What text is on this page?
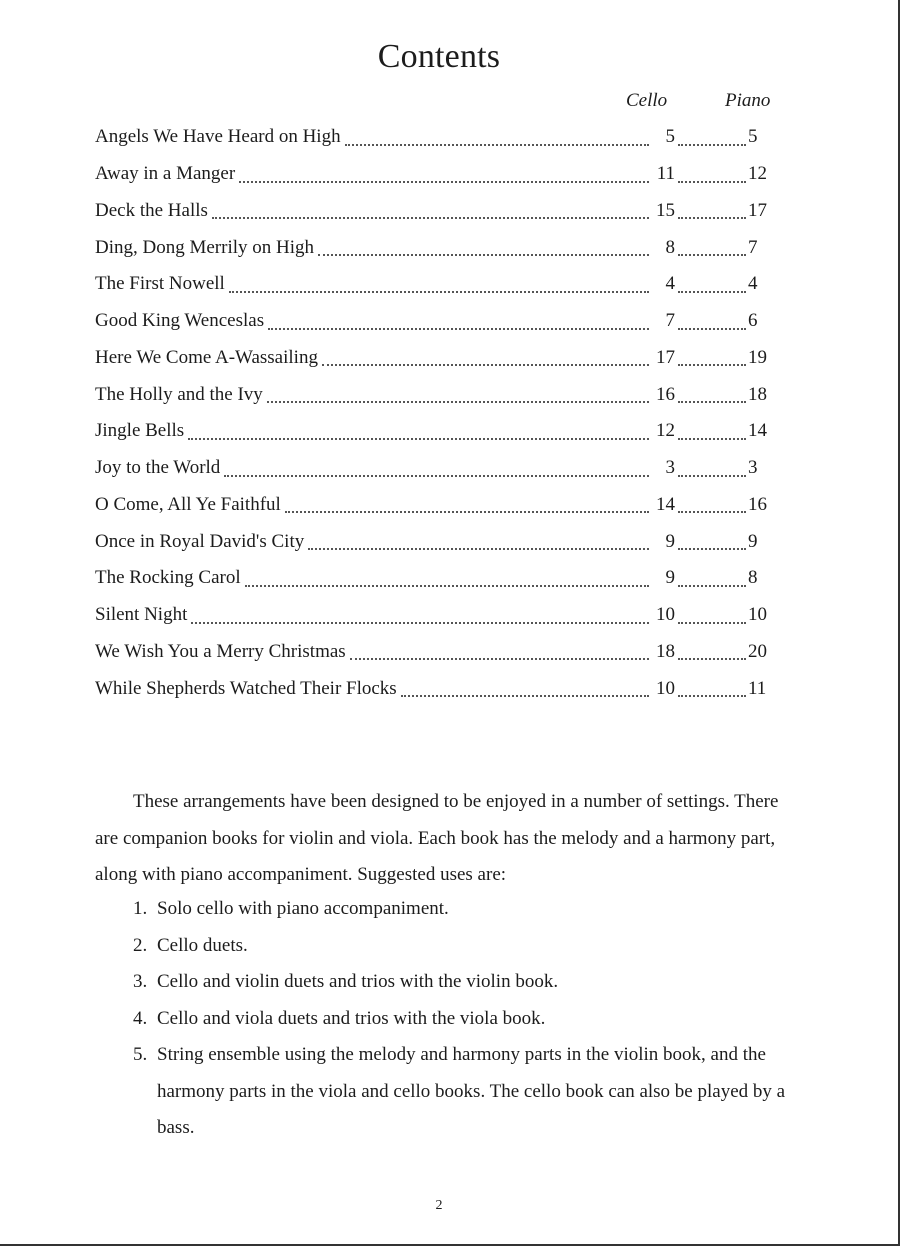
Contents
Cello	Piano
Angels We Have Heard on High	5	5
Away in a Manger	11	12
Deck the Halls	15	17
Ding, Dong Merrily on High	8	7
The First Nowell	4	4
Good King Wenceslas	7	6
Here We Come A-Wassailing	17	19
The Holly and the Ivy	16	18
Jingle Bells	12	14
Joy to the World	3	3
O Come, All Ye Faithful	14	16
Once in Royal David's City	9	9
The Rocking Carol	9	8
Silent Night	10	10
We Wish You a Merry Christmas	18	20
While Shepherds Watched Their Flocks	10	11

These arrangements have been designed to be enjoyed in a number of settings. There are companion books for violin and viola. Each book has the melody and a harmony part, along with piano accompaniment. Suggested uses are:

1. Solo cello with piano accompaniment.
2. Cello duets.
3. Cello and violin duets and trios with the violin book.
4. Cello and viola duets and trios with the viola book.
5. String ensemble using the melody and harmony parts in the violin book, and the harmony parts in the viola and cello books. The cello book can also be played by a bass.
2
